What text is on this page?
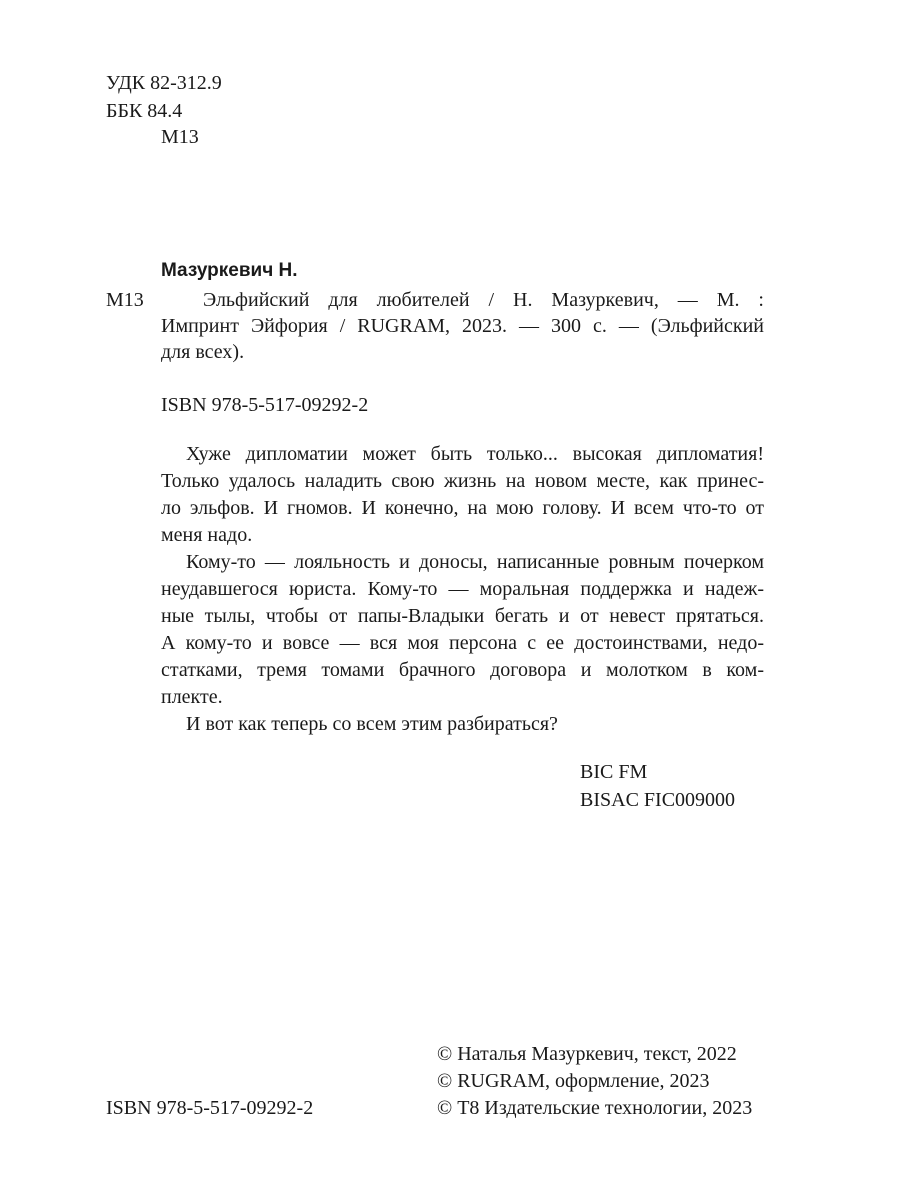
УДК 82-312.9
ББК 84.4
М13
Мазуркевич Н.
М13	Эльфийский для любителей / Н. Мазуркевич, — М. :
Импринт Эйфория / RUGRAM, 2023. — 300 с. — (Эльфийский
для всех).
ISBN 978-5-517-09292-2

Хуже дипломатии может быть только... высокая дипломатия!
Только удалось наладить свою жизнь на новом месте, как принес-
ло эльфов. И гномов. И конечно, на мою голову. И всем что-то от
меня надо.

Кому-то — лояльность и доносы, написанные ровным почерком
неудавшегося юриста. Кому-то — моральная поддержка и надеж-
ные тылы, чтобы от папы-Владыки бегать и от невест прятаться.
А кому-то и вовсе — вся моя персона с ее достоинствами, недо-
статками, тремя томами брачного договора и молотком в ком-
плекте.

И вот как теперь со всем этим разбираться?

BIC FM
BISAC FIC009000
© Наталья Мазуркевич, текст, 2022
© RUGRAM, оформление, 2023
© Т8 Издательские технологии, 2023
ISBN 978-5-517-09292-2
